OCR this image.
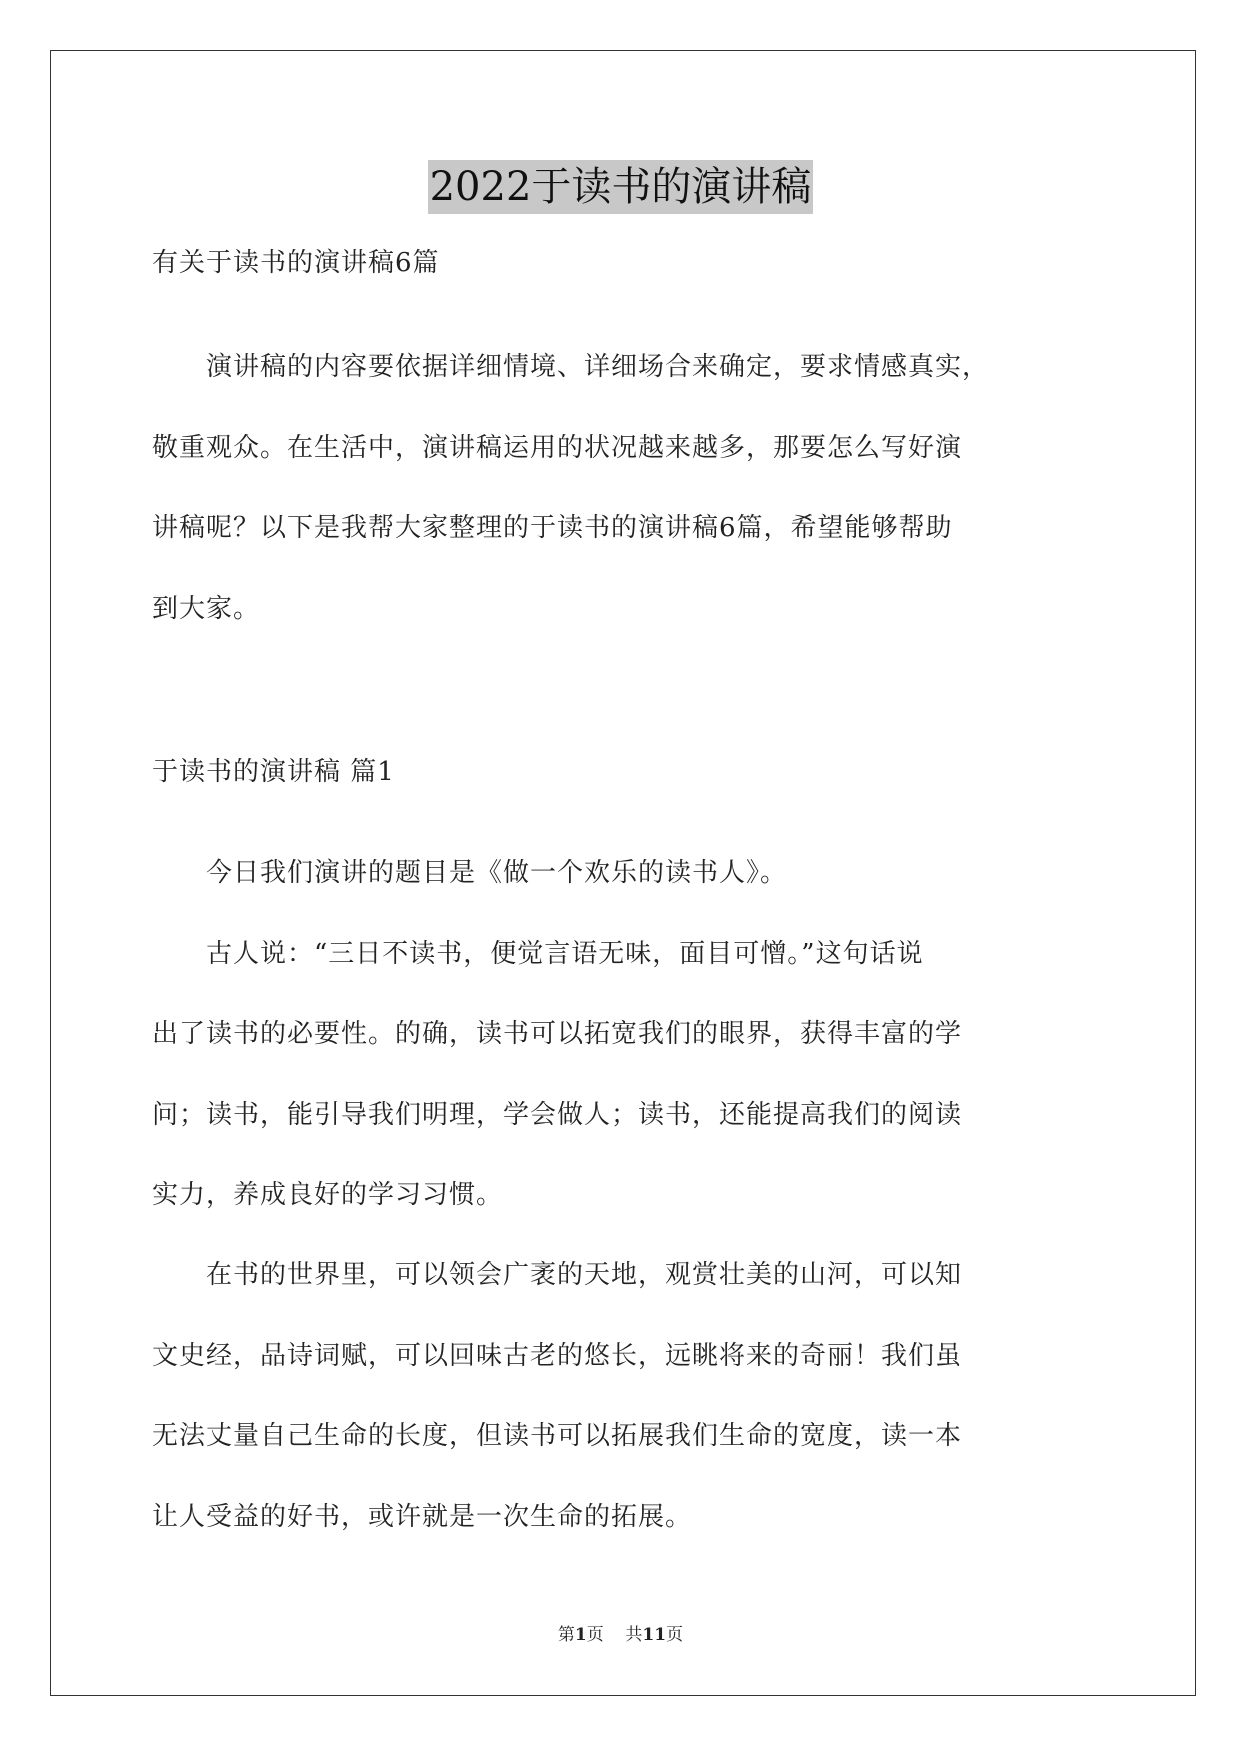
2022于读书的演讲稿
有关于读书的演讲稿6篇
　　演讲稿的内容要依据详细情境、详细场合来确定，要求情感真实，
敬重观众。在生活中，演讲稿运用的状况越来越多，那要怎么写好演
讲稿呢？以下是我帮大家整理的于读书的演讲稿6篇，希望能够帮助
到大家。
于读书的演讲稿 篇1
　　今日我们演讲的题目是《做一个欢乐的读书人》。
　　古人说：“三日不读书，便觉言语无味，面目可憎。”这句话说
出了读书的必要性。的确，读书可以拓宽我们的眼界，获得丰富的学
问；读书，能引导我们明理，学会做人；读书，还能提高我们的阅读
实力，养成良好的学习习惯。
　　在书的世界里，可以领会广袤的天地，观赏壮美的山河，可以知
文史经，品诗词赋，可以回味古老的悠长，远眺将来的奇丽！我们虽
无法丈量自己生命的长度，但读书可以拓展我们生命的宽度，读一本
让人受益的好书，或许就是一次生命的拓展。
第1页 共11页
